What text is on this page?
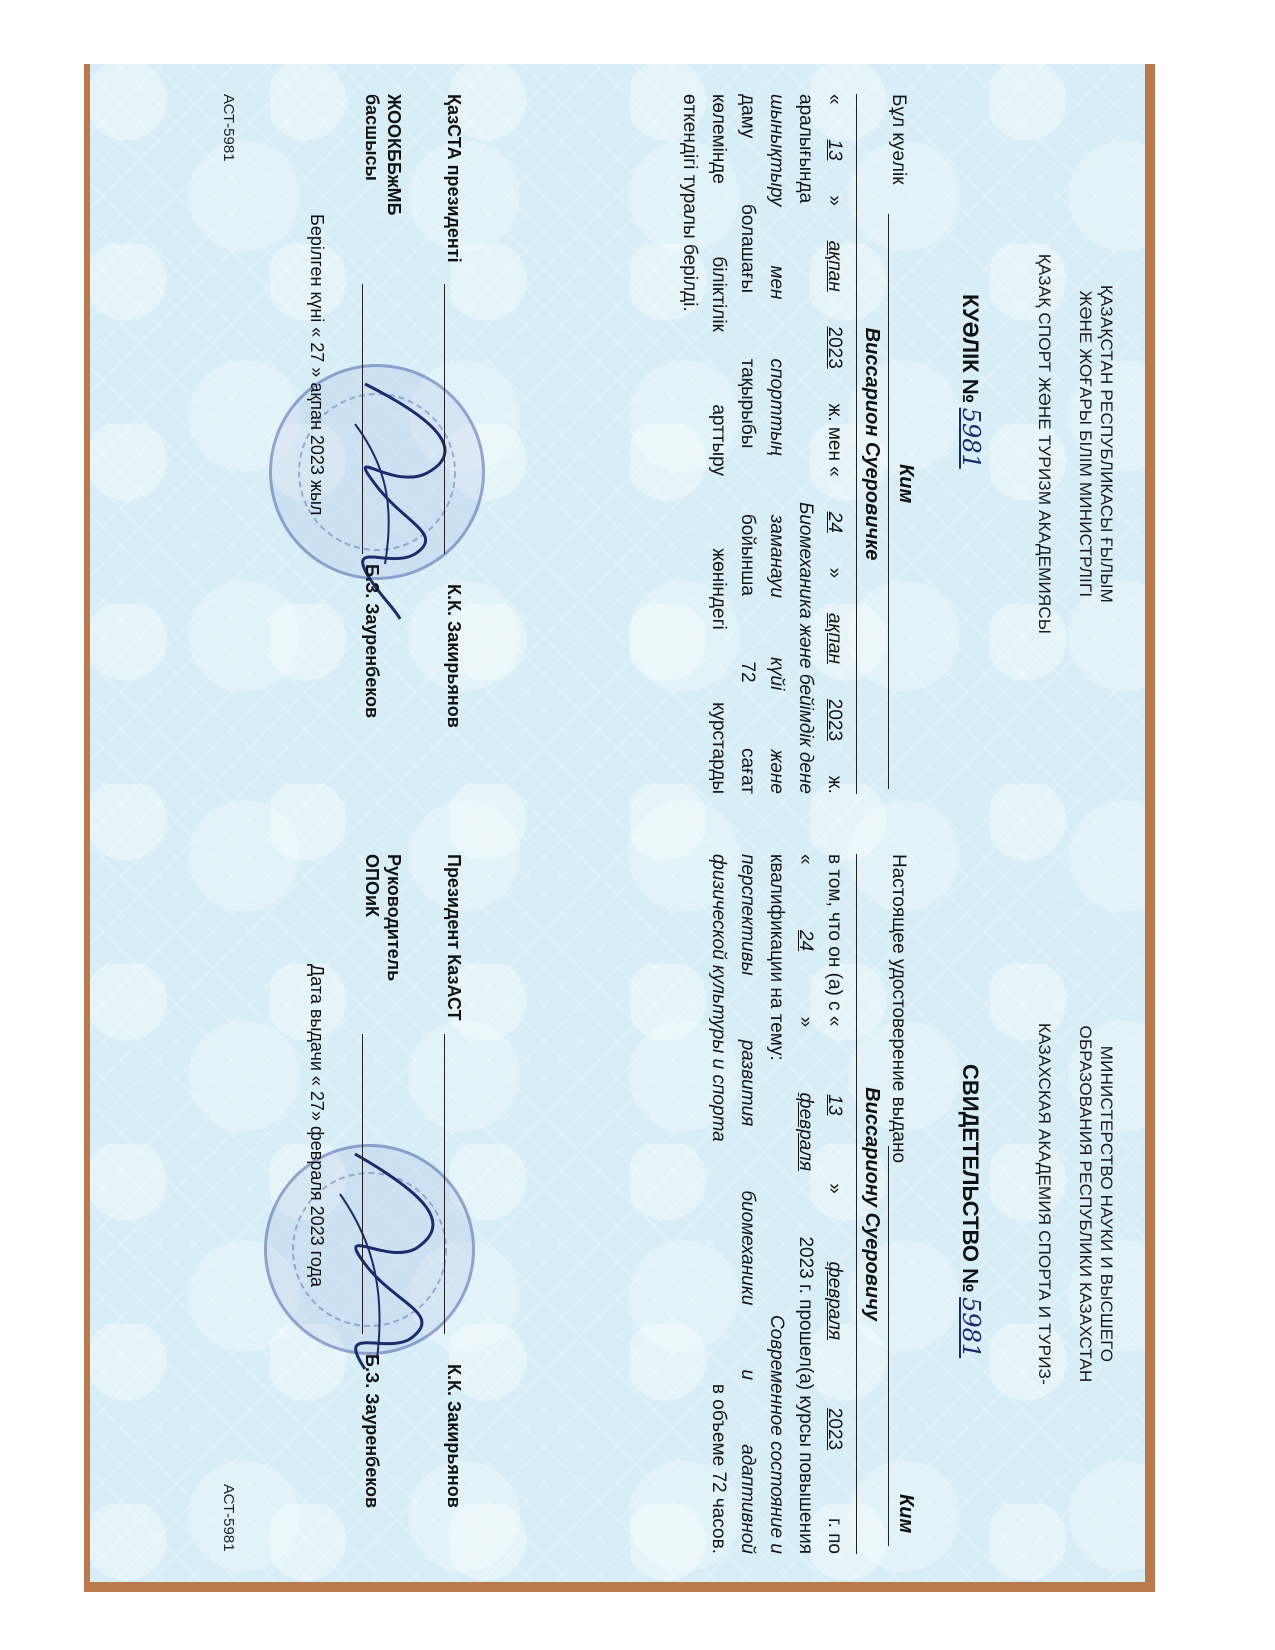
ҚАЗАҚСТАН РЕСПУБЛИКАСЫ ҒЫЛЫМ
ЖӘНЕ ЖОҒАРЫ БІЛІМ МИНИСТРЛІГІ
ҚАЗАҚ СПОРТ ЖӘНЕ ТУРИЗМ АКАДЕМИЯСЫ
КУӘЛІК № 5981
Бұл куәлік
Ким
Виссарион Суеровичке
«
13
»
ақпан
2023
ж. мен «
24
»
ақпан
2023
ж.
аралығында
Биомеханика және бейімдік дене
шынықтыру мен спорттың заманауи күйі және
даму болашағы тақырыбы бойынша 72 сағат
көлемінде біліктілік арттыру жөніндегі курстарды
өткендігі туралы берілді.
ҚазСТА президенті
К.К. Закирьянов
ЖООКББжМБ
басшысы
Б.З. Зауренбеков
Берілген күні « 27 » ақпан 2023 жыл
АСТ-5981
МИНИСТЕРСТВО НАУКИ И ВЫСШЕГО
ОБРАЗОВАНИЯ РЕСПУБЛИКИ КАЗАХСТАН
КАЗАХСКАЯ АКАДЕМИЯ СПОРТА И ТУРИЗ-
СВИДЕТЕЛЬСТВО № 5981
Настоящее удостоверение выдано
Ким
Виссариону Суеровичу
в том, что он (а) с «
13
»
февраля
2023
г. по
«
24
»
февраля
2023 г. прошел(а) курсы повышения
квалификации на тему:
Современное состояние и
перспективы развития биомеханики и адаптивной
физической культуры и спорта
в объеме 72 часов.
Президент КазАСТ
К.К. Закирьянов
Руководитель
ОПОиК
Б.З. Зауренбеков
Дата выдачи « 27» февраля 2023 года
АСТ-5981
